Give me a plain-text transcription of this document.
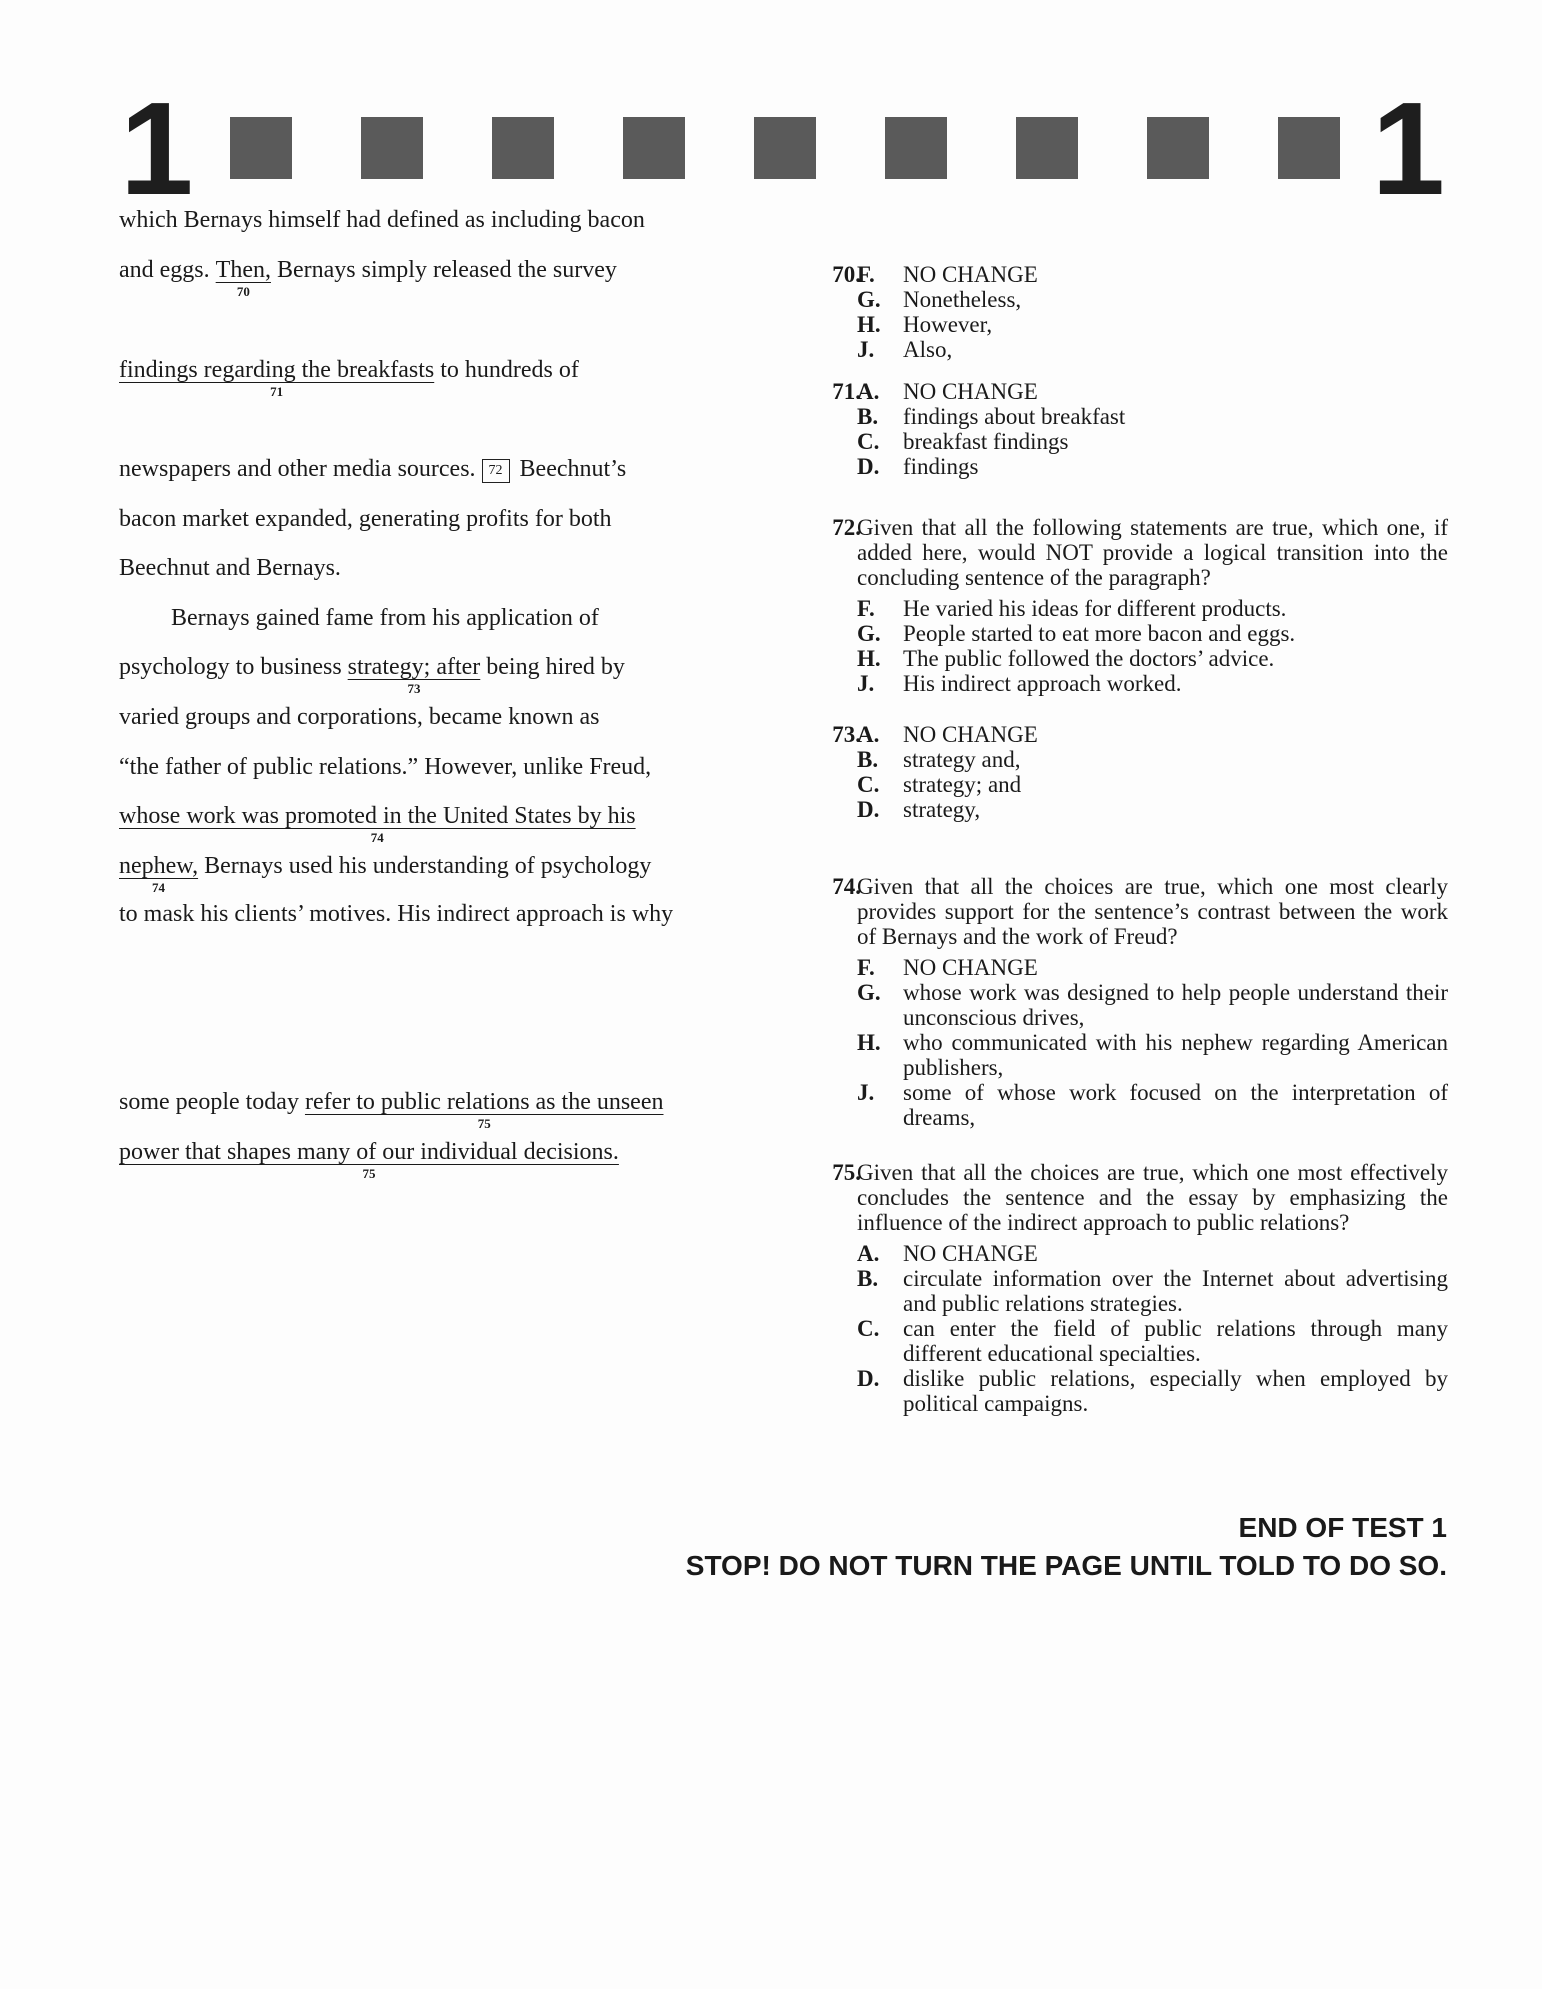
1	1
which Bernays himself had defined as including bacon
and eggs. Then,
70
Bernays simply released the survey
findings regarding the breakfasts
71
to hundreds of
newspapers and other media sources. 72 Beechnut’s
bacon market expanded, generating profits for both
Beechnut and Bernays.
Bernays gained fame from his application of
psychology to business strategy; after
73
being hired by
varied groups and corporations, became known as
“the father of public relations.” However, unlike Freud,
whose work was promoted in the United States by his
74
nephew,
74
Bernays used his understanding of psychology
to mask his clients’ motives. His indirect approach is why
some people today refer to public relations as the unseen
75
power that shapes many of our individual decisions.
75
70.
F. NO CHANGE
G. Nonetheless,
H. However,
J. Also,
71.
A. NO CHANGE
B. findings about breakfast
C. breakfast findings
D. findings
72.
Given that all the following statements are true, which one, if added here, would NOT provide a logical transition into the concluding sentence of the paragraph?
F. He varied his ideas for different products.
G. People started to eat more bacon and eggs.
H. The public followed the doctors’ advice.
J. His indirect approach worked.
73.
A. NO CHANGE
B. strategy and,
C. strategy; and
D. strategy,
74.
Given that all the choices are true, which one most clearly provides support for the sentence’s contrast between the work of Bernays and the work of Freud?
F. NO CHANGE
G. whose work was designed to help people understand their unconscious drives,
H. who communicated with his nephew regarding American publishers,
J. some of whose work focused on the interpretation of dreams,
75.
Given that all the choices are true, which one most effectively concludes the sentence and the essay by emphasizing the influence of the indirect approach to public relations?
A. NO CHANGE
B. circulate information over the Internet about advertising and public relations strategies.
C. can enter the field of public relations through many different educational specialties.
D. dislike public relations, especially when employed by political campaigns.
END OF TEST 1
STOP! DO NOT TURN THE PAGE UNTIL TOLD TO DO SO.
